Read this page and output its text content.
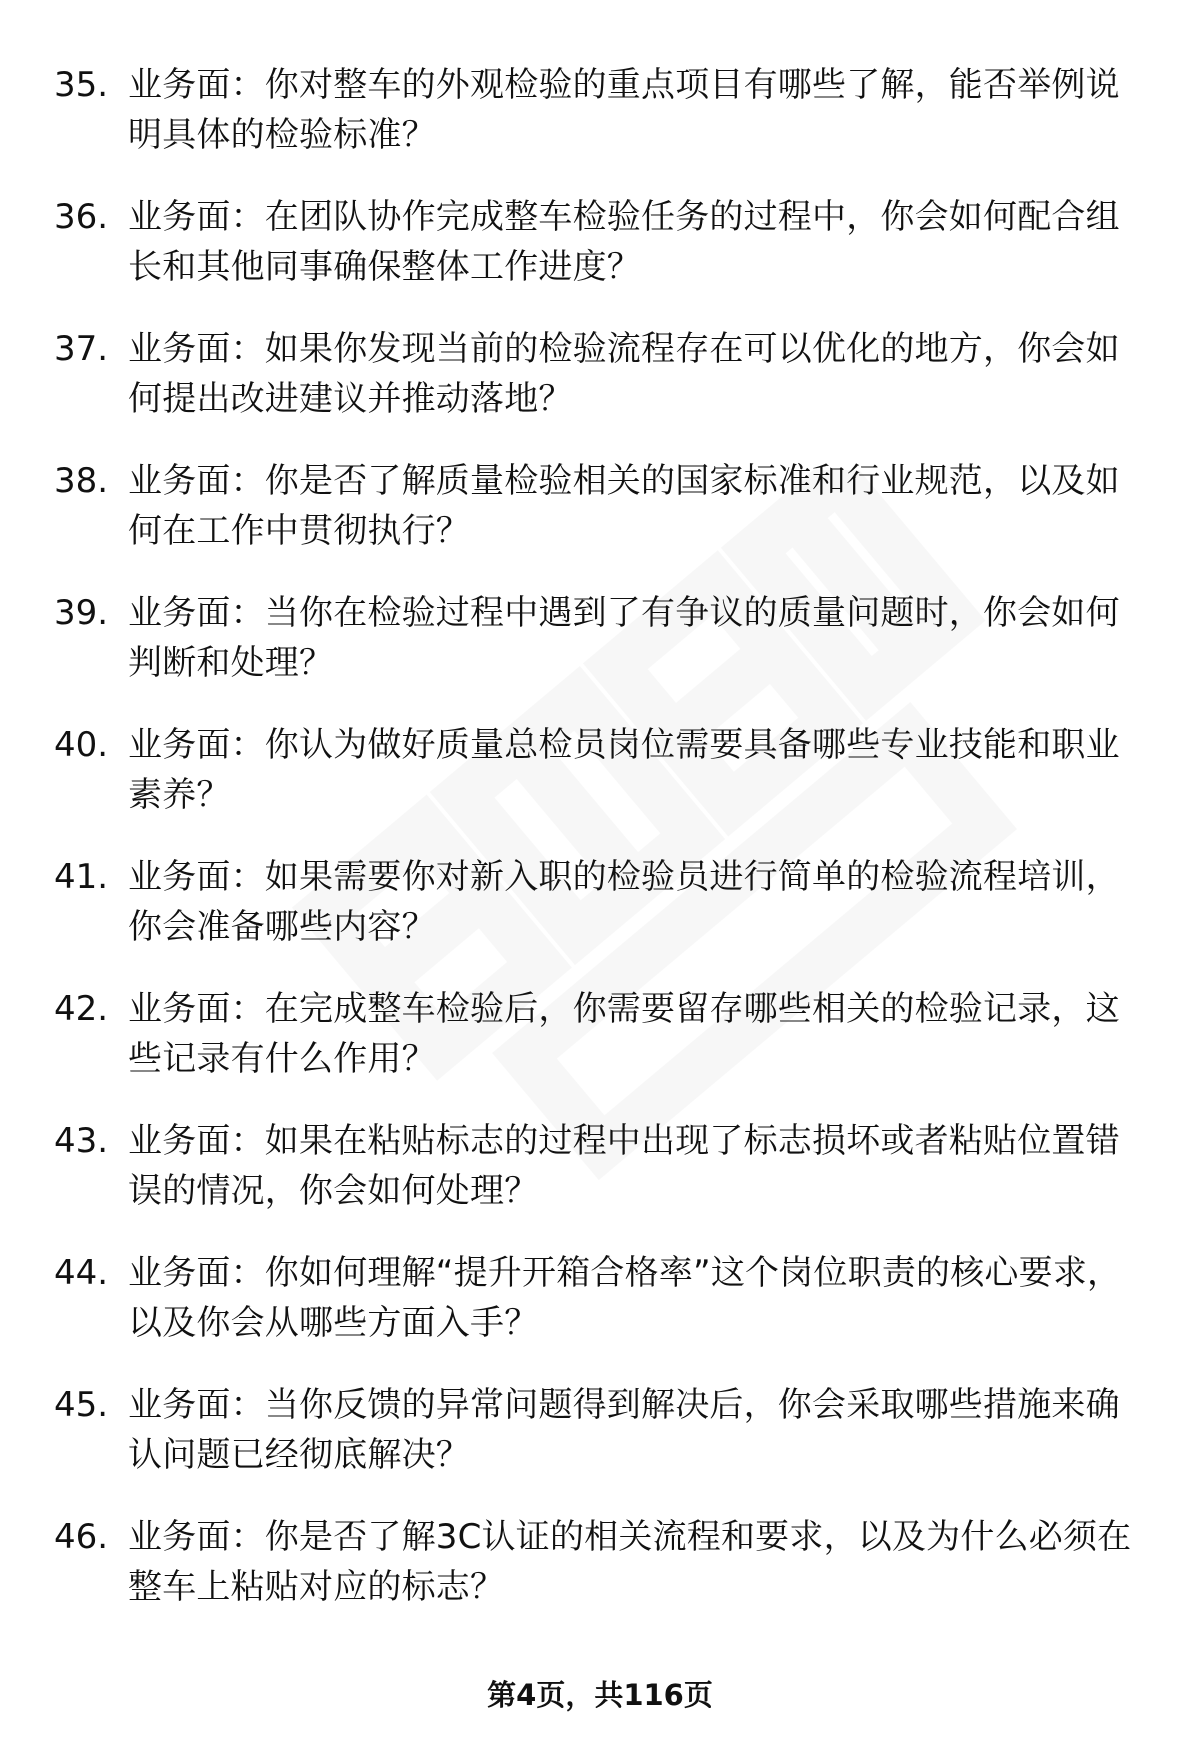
35. 业务面：你对整车的外观检验的重点项目有哪些了解，能否举例说明具体的检验标准？
36. 业务面：在团队协作完成整车检验任务的过程中，你会如何配合组长和其他同事确保整体工作进度？
37. 业务面：如果你发现当前的检验流程存在可以优化的地方，你会如何提出改进建议并推动落地？
38. 业务面：你是否了解质量检验相关的国家标准和行业规范，以及如何在工作中贯彻执行？
39. 业务面：当你在检验过程中遇到了有争议的质量问题时，你会如何判断和处理？
40. 业务面：你认为做好质量总检员岗位需要具备哪些专业技能和职业素养？
41. 业务面：如果需要你对新入职的检验员进行简单的检验流程培训，你会准备哪些内容？
42. 业务面：在完成整车检验后，你需要留存哪些相关的检验记录，这些记录有什么作用？
43. 业务面：如果在粘贴标志的过程中出现了标志损坏或者粘贴位置错误的情况，你会如何处理？
44. 业务面：你如何理解“提升开箱合格率”这个岗位职责的核心要求，以及你会从哪些方面入手？
45. 业务面：当你反馈的异常问题得到解决后，你会采取哪些措施来确认问题已经彻底解决？
46. 业务面：你是否了解3C认证的相关流程和要求，以及为什么必须在整车上粘贴对应的标志？
第4页，共116页
